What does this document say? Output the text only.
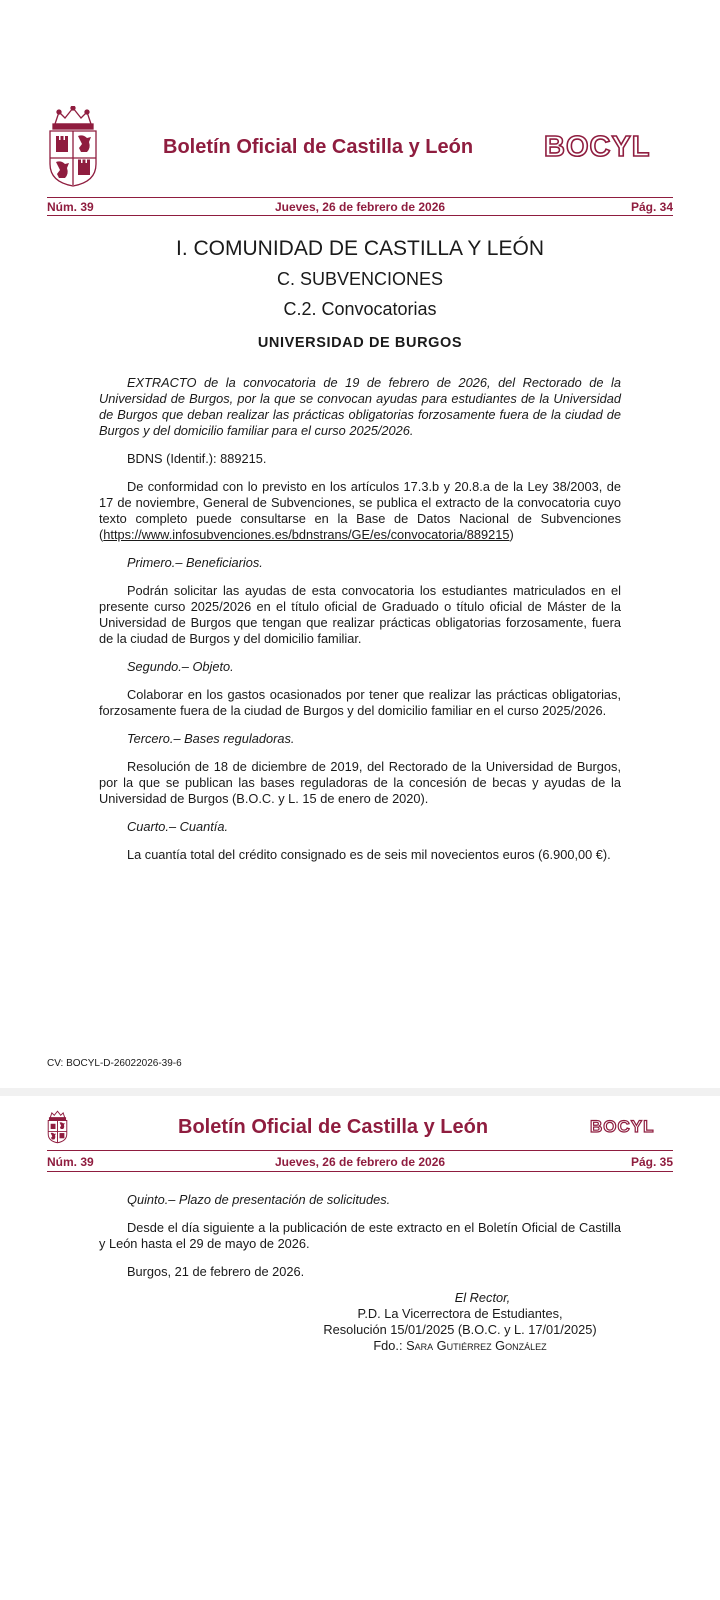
Boletín Oficial de Castilla y León BOCYL
Núm. 39	Jueves, 26 de febrero de 2026	Pág. 34
I. COMUNIDAD DE CASTILLA Y LEÓN
C. SUBVENCIONES
C.2. Convocatorias
UNIVERSIDAD DE BURGOS

EXTRACTO de la convocatoria de 19 de febrero de 2026, del Rectorado de la Universidad de Burgos, por la que se convocan ayudas para estudiantes de la Universidad de Burgos que deban realizar las prácticas obligatorias forzosamente fuera de la ciudad de Burgos y del domicilio familiar para el curso 2025/2026.

BDNS (Identif.): 889215.

De conformidad con lo previsto en los artículos 17.3.b y 20.8.a de la Ley 38/2003, de 17 de noviembre, General de Subvenciones, se publica el extracto de la convocatoria cuyo texto completo puede consultarse en la Base de Datos Nacional de Subvenciones (https://www.infosubvenciones.es/bdnstrans/GE/es/convocatoria/889215)

Primero.– Beneficiarios.

Podrán solicitar las ayudas de esta convocatoria los estudiantes matriculados en el presente curso 2025/2026 en el título oficial de Graduado o título oficial de Máster de la Universidad de Burgos que tengan que realizar prácticas obligatorias forzosamente, fuera de la ciudad de Burgos y del domicilio familiar.

Segundo.– Objeto.

Colaborar en los gastos ocasionados por tener que realizar las prácticas obligatorias, forzosamente fuera de la ciudad de Burgos y del domicilio familiar en el curso 2025/2026.

Tercero.– Bases reguladoras.

Resolución de 18 de diciembre de 2019, del Rectorado de la Universidad de Burgos, por la que se publican las bases reguladoras de la concesión de becas y ayudas de la Universidad de Burgos (B.O.C. y L. 15 de enero de 2020).

Cuarto.– Cuantía.

La cuantía total del crédito consignado es de seis mil novecientos euros (6.900,00 €).

CV: BOCYL-D-26022026-39-6
Boletín Oficial de Castilla y León	BOCYL
Núm. 39	Jueves, 26 de febrero de 2026	Pág. 35

Quinto.– Plazo de presentación de solicitudes.

Desde el día siguiente a la publicación de este extracto en el Boletín Oficial de Castilla y León hasta el 29 de mayo de 2026.

Burgos, 21 de febrero de 2026.

El Rector,
P.D. La Vicerrectora de Estudiantes,
Resolución 15/01/2025 (B.O.C. y L. 17/01/2025)
Fdo.: Sara Gutiérrez González
